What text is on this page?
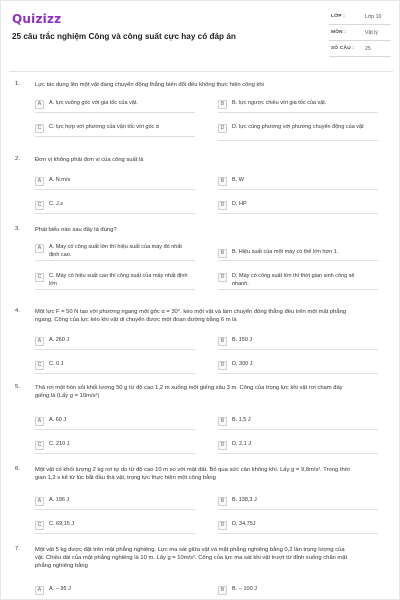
Quizizz
25 câu trắc nghiệm Công và công suất cực hay có đáp án
LỚP :	Lớp 10
MÔN :	Vật lý
SỐ CÂU : 25
1.	Lực tác dụng lên một vật đang chuyển động thẳng biến đổi đều không thực hiện công khi
A	A. lực vuông góc với gia tốc của vật.	B	B. lực ngược chiều với gia tốc của vật.
C	C. lực hợp với phương của vận tốc với góc α	D	D. lực cùng phương với phương chuyển động của vật
2.	Đơn vị không phải đơn vị của công suất là
A	A. N.m/s	B	B. W
C	C. J.s	D	D. HP
3.	Phát biểu nào sau đây là đúng?
A	A. Máy có công suất lớn thì hiệu suất của máy đó nhất định cao.	B	B. Hiệu suất của một máy có thể lớn hơn 1.
C	C. Máy có hiệu suất cao thì công suất của máy nhất định lớn
D	D. Máy có công suất lớn thì thời gian sinh công sẽ nhanh.
4.	Một lực F = 50 N tạo với phương ngang một góc α = 30°, kéo một vật và làm chuyển động thẳng đều trên một mặt phẳng ngang. Công của lực kéo khi vật di chuyển được một đoạn đường bằng 6 m là
A	A. 260 J	B	B. 150 J
C	C. 0 J	D	D. 300 J
5.	Thả rơi một hòn sỏi khối lượng 50 g từ độ cao 1,2 m xuống một giếng sâu 3 m. Công của trọng lực khi vật rơi chạm đáy giếng là (Lấy g = 10m/s²)
A	A. 60 J	B	B. 1,5 J
C	C. 210 J	D	D. 2,1 J
6.	Một vật có khối lượng 2 kg rơi tự do từ độ cao 10 m so với mặt đất. Bỏ qua sức cản không khí. Lấy g = 9,8m/s². Trong thời gian 1,2 s kể từ lúc bắt đầu thả vật, trọng lực thực hiện một công bằng
A	A. 196 J	B	B. 138,3 J
C	C. 69,15 J	D	D. 34,75J
7.	Một vật 5 kg được đặt trên mặt phẳng nghiêng. Lực ma sát giữa vật và mặt phẳng nghiêng bằng 0,2 lần trọng lượng của vật. Chiều dài của mặt phẳng nghiêng là 10 m. Lấy g = 10m/s². Công của lực ma sát khi vật trượt từ đỉnh xuống chân mặt phẳng nghiêng bằng
A	A. − 95 J	B	B. − 100 J
